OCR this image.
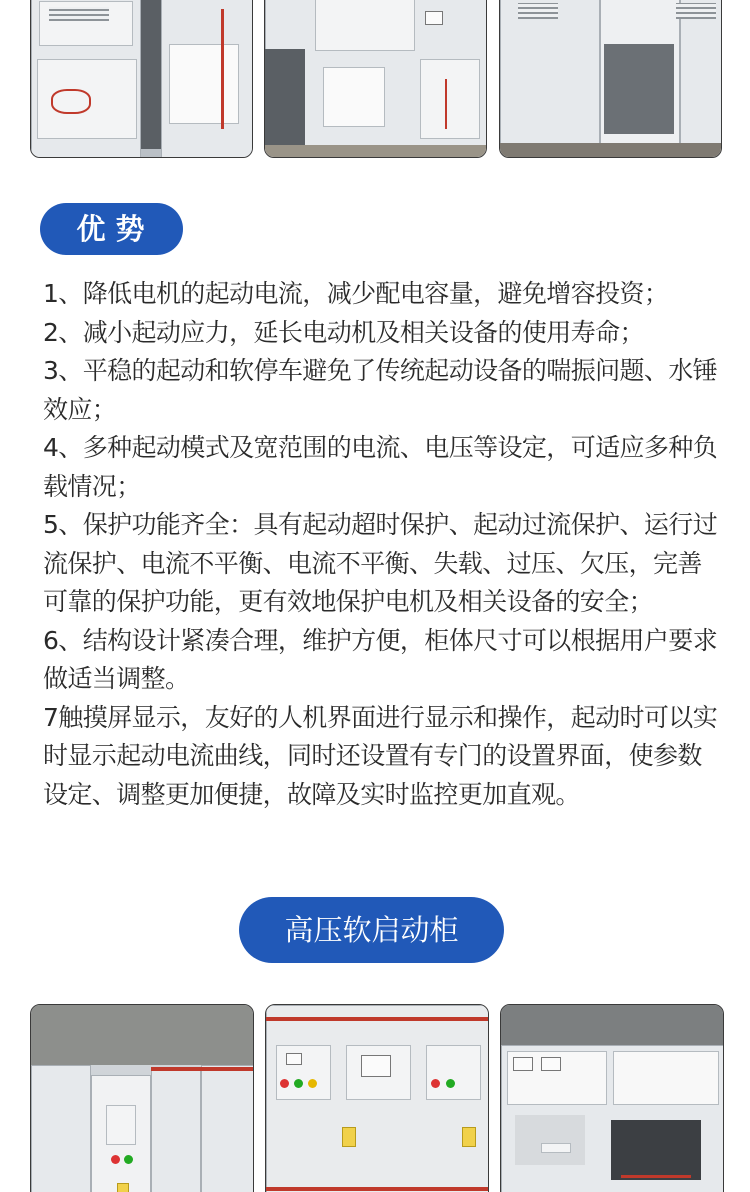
优势

1、降低电机的起动电流，减少配电容量，避免增容投资；

2、减小起动应力，延长电动机及相关设备的使用寿命；

3、平稳的起动和软停车避免了传统起动设备的喘振问题、水锤效应；

4、多种起动模式及宽范围的电流、电压等设定，可适应多种负载情况；

5、保护功能齐全：具有起动超时保护、起动过流保护、运行过流保护、电流不平衡、电流不平衡、失载、过压、欠压，完善可靠的保护功能，更有效地保护电机及相关设备的安全；

6、结构设计紧凑合理，维护方便，柜体尺寸可以根据用户要求做适当调整。

7触摸屏显示，友好的人机界面进行显示和操作，起动时可以实时显示起动电流曲线，同时还设置有专门的设置界面，使参数设定、调整更加便捷，故障及实时监控更加直观。

高压软启动柜
